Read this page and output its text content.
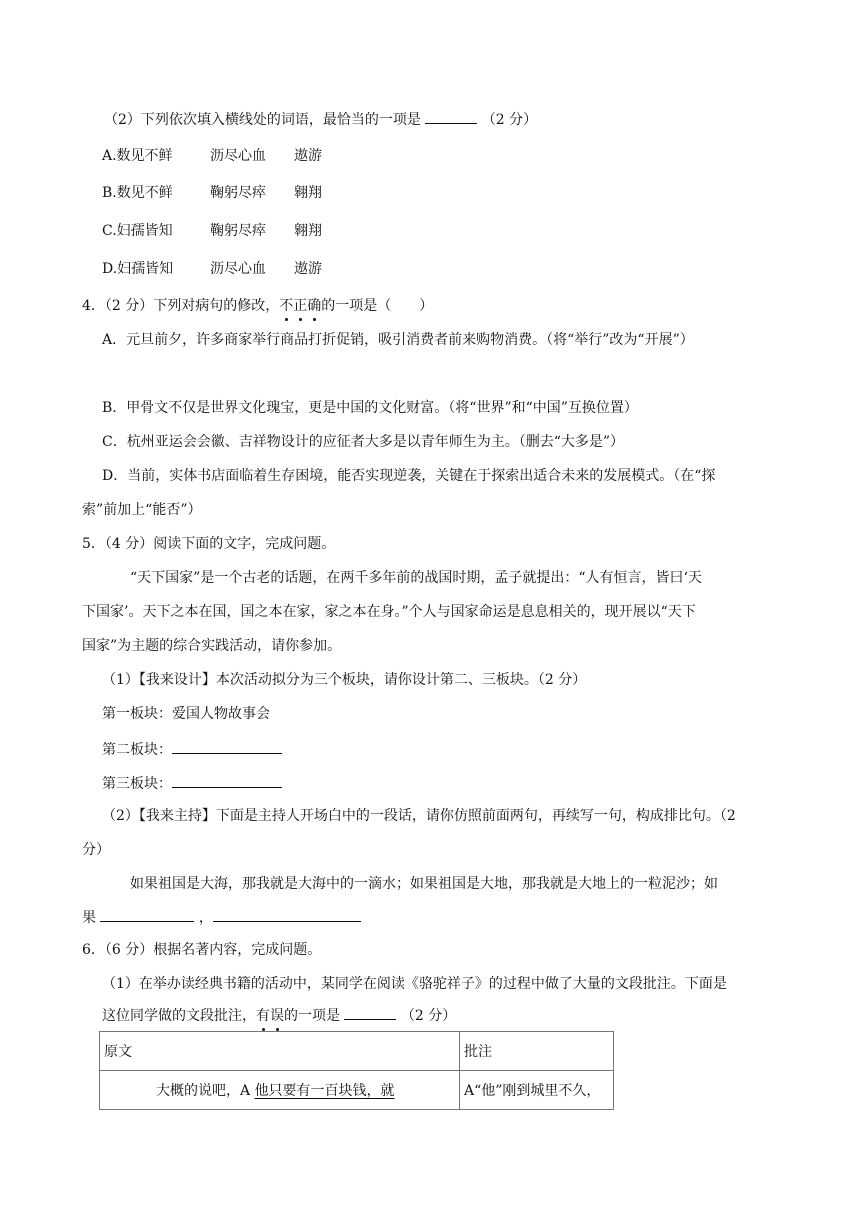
（2）下列依次填入横线处的词语，最恰当的一项是	（2 分）
A.数见不鲜	沥尽心血 遨游
B.数见不鲜	鞠躬尽瘁 翱翔
C.妇孺皆知	鞠躬尽瘁 翱翔
D.妇孺皆知	沥尽心血 遨游
4．（2 分）下列对病句的修改，不正确的一项是（　　）
A．元旦前夕，许多商家举行商品打折促销，吸引消费者前来购物消费。（将“举行”改为“开展”）
B．甲骨文不仅是世界文化瑰宝，更是中国的文化财富。（将“世界”和“中国”互换位置）
C．杭州亚运会会徽、吉祥物设计的应征者大多是以青年师生为主。（删去“大多是”）
D．当前，实体书店面临着生存困境，能否实现逆袭，关键在于探索出适合未来的发展模式。（在“探
索”前加上“能否”）
5．（4 分）阅读下面的文字，完成问题。
“天下国家”是一个古老的话题，在两千多年前的战国时期，孟子就提出：“人有恒言，皆曰‘天
下国家’。天下之本在国，国之本在家，家之本在身。”个人与国家命运是息息相关的，现开展以“天下
国家”为主题的综合实践活动，请你参加。
（1）【我来设计】本次活动拟分为三个板块，请你设计第二、三板块。（2 分）
第一板块：爱国人物故事会
第二板块：
第三板块：
（2）【我来主持】下面是主持人开场白中的一段话，请你仿照前面两句，再续写一句，构成排比句。（2
分）
如果祖国是大海，那我就是大海中的一滴水；如果祖国是大地，那我就是大地上的一粒泥沙；如
果	，
6．（6 分）根据名著内容，完成问题。
（1）在举办读经典书籍的活动中，某同学在阅读《骆驼祥子》的过程中做了大量的文段批注。下面是
这位同学做的文段批注，有误的一项是	（2 分）
原文	批注
大概的说吧，A 他只要有一百块钱，就	A“他”刚到城里不久，
